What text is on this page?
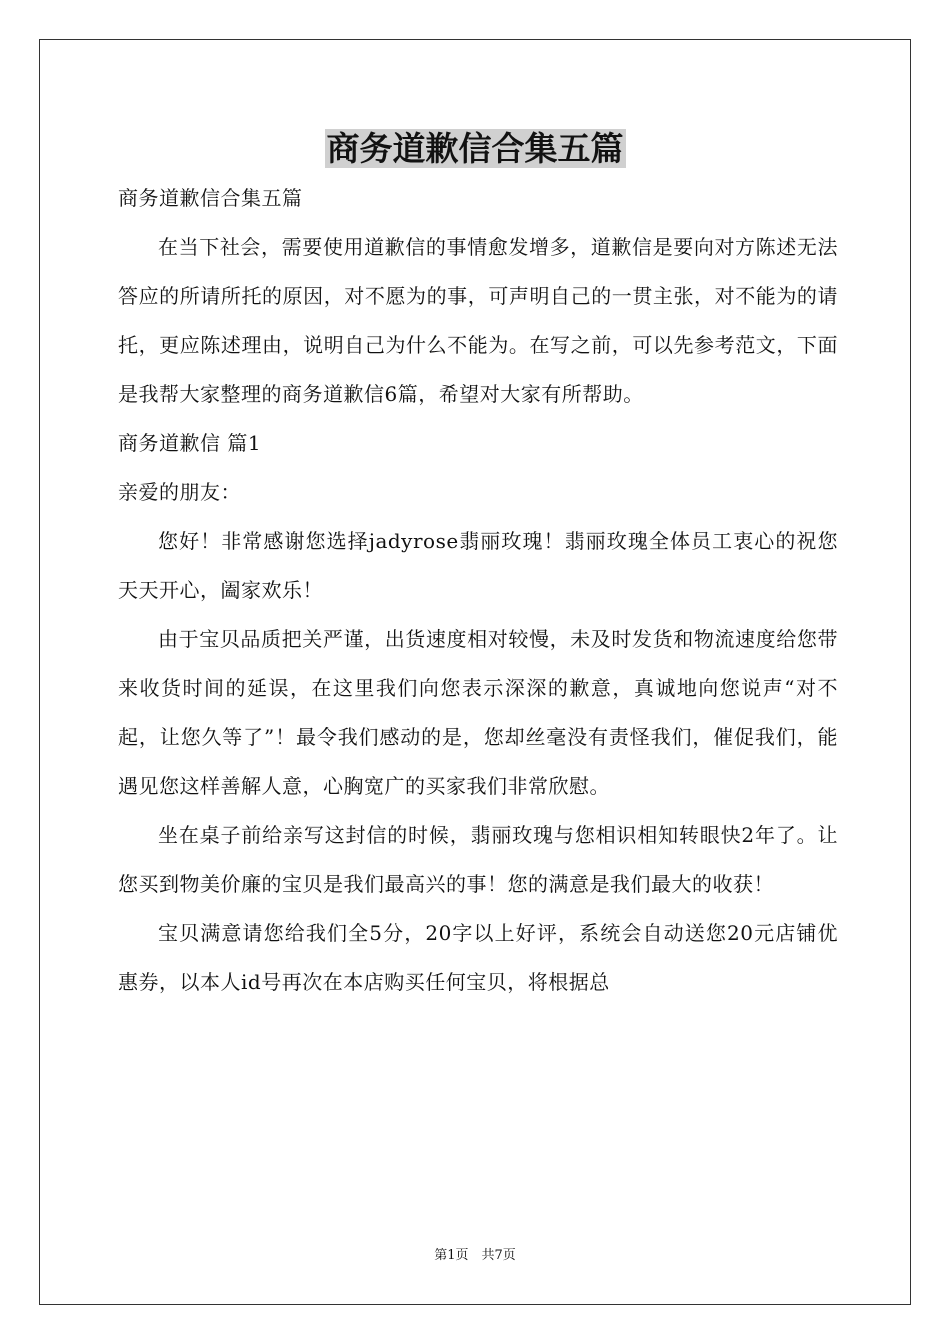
商务道歉信合集五篇

商务道歉信合集五篇

在当下社会，需要使用道歉信的事情愈发增多，道歉信是要向对方陈述无法答应的所请所托的原因，对不愿为的事，可声明自己的一贯主张，对不能为的请托，更应陈述理由，说明自己为什么不能为。在写之前，可以先参考范文，下面是我帮大家整理的商务道歉信6篇，希望对大家有所帮助。

商务道歉信 篇1

亲爱的朋友：

您好！非常感谢您选择jadyrose翡丽玫瑰！翡丽玫瑰全体员工衷心的祝您天天开心，阖家欢乐！

由于宝贝品质把关严谨，出货速度相对较慢，未及时发货和物流速度给您带来收货时间的延误，在这里我们向您表示深深的歉意，真诚地向您说声“对不起，让您久等了”！最令我们感动的是，您却丝毫没有责怪我们，催促我们，能遇见您这样善解人意，心胸宽广的买家我们非常欣慰。

坐在桌子前给亲写这封信的时候，翡丽玫瑰与您相识相知转眼快2年了。让您买到物美价廉的宝贝是我们最高兴的事！您的满意是我们最大的收获！

宝贝满意请您给我们全5分，20字以上好评，系统会自动送您20元店铺优惠券，以本人id号再次在本店购买任何宝贝，将根据总

第1页　共7页
